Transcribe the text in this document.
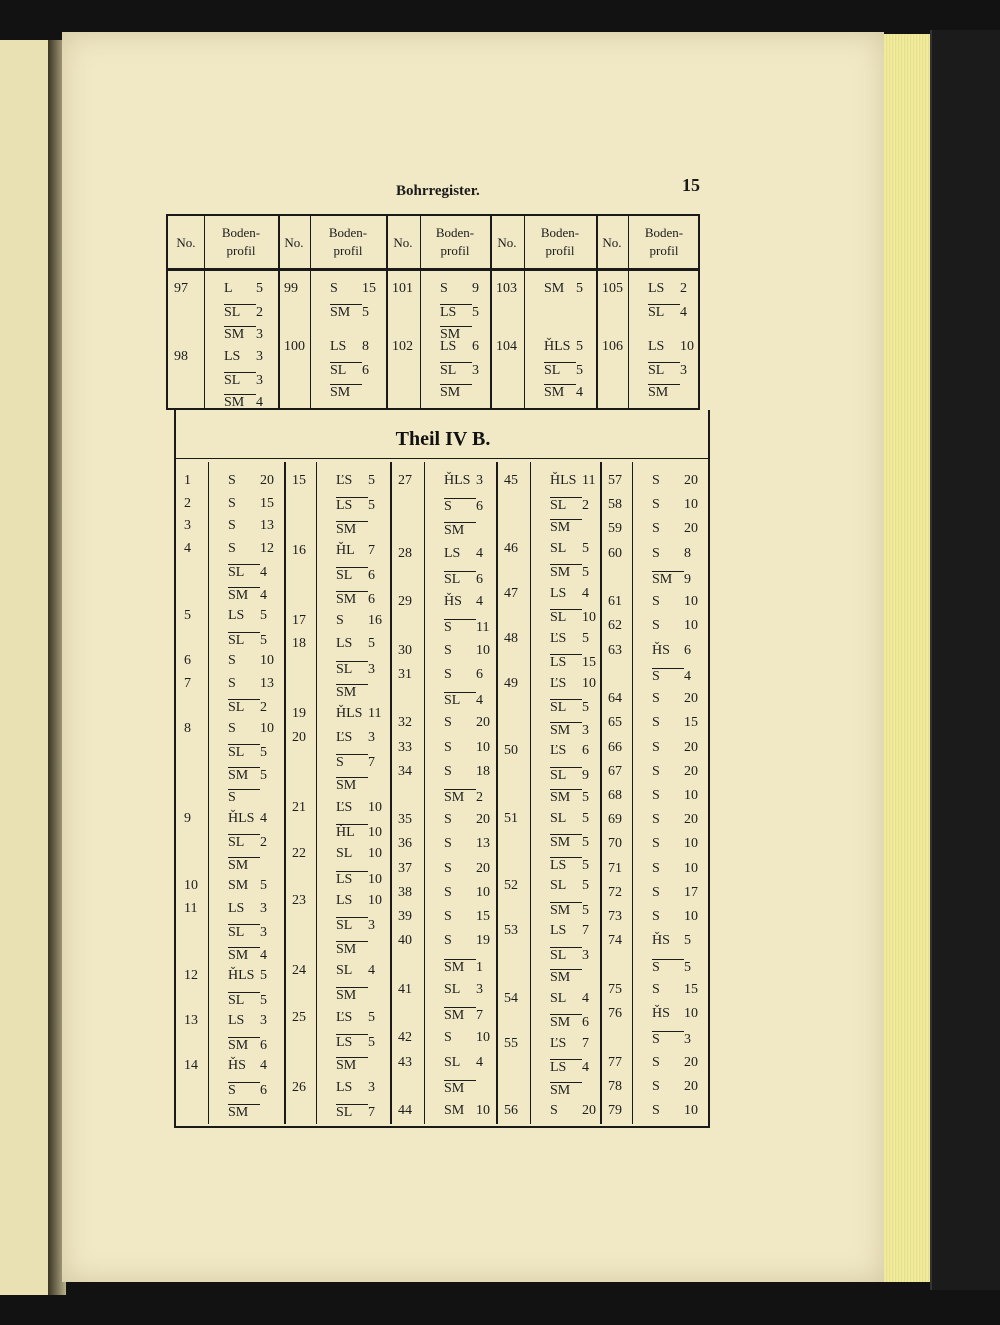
Bohrregister.	15
No.
Boden-
profil
97	L 5
SL 2
SM 3
98	LS 3
SL 3
SM 4
No.
Boden-
profil
99 S 15
SM 5
100 LS 8
SL 6
SM
No.
Boden-
profil
101 S 9
LS 5
SM
102 LS 6
SL 3
SM
No.
Boden-
profil
103 SM 5
104 ȞLS 5
SL 5
SM 4
No.
Boden-
profil
105 LS 2
SL 4
106 LS 10
SL 3
SM
Theil IV B.
1	S 20
2	S 15
3	S 13
4	S 12
SL 4
SM 4
5	LS 5
SL 5
6	S 10
7	S 13
SL 2
8	S 10
SL 5
SM 5
S
9	ȞLS 4
SL 2
SM
10 SM 5
11 LS 3
SL 3
SM 4
12 ȞLS 5
SL 5
13 LS 3
SM 6
14 ȞS 4
S 6
SM
15 ĽS 5
LS 5
SM
16 ȞL 7
SL 6
SM 6
17 S 16
18 LS 5
SL 3
SM
19 ȞLS 11
20 ĽS 3
S 7
SM
21 ĽS 10
ȞL 10
22 SL 10
LS 10
23 LS 10
SL 3
SM
24 SL 4
SM
25 ĽS 5
LS 5
SM
26 LS 3
SL 7
27 ȞLS 3
S 6
SM
28 LS 4
SL 6
29 ȞS 4
S 11
30 S 10
31 S 6
SL 4
32 S 20
33 S 10
34 S 18
SM 2
35 S 20
36 S 13
37 S 20
38 S 10
39 S 15
40 S 19
SM 1
41 SL 3
SM 7
42 S 10
43 SL 4
SM
44 SM 10
45 ȞLS 11
SL 2
SM
46 SL 5
SM 5
47 LS 4
SL 10
48 ĽS 5
LS 15
49 ĽS 10
SL 5
SM 3
50 ĽS 6
SL 9
SM 5
51 SL 5
SM 5
LS 5
52 SL 5
SM 5
53 LS 7
SL 3
SM
54 SL 4
SM 6
55 ĽS 7
LS 4
SM
56 S 20
57 S 20
58 S 10
59 S 20
60 S 8
SM 9
61 S 10
62 S 10
63 ȞS 6
S 4
64 S 20
65 S 15
66 S 20
67 S 20
68 S 10
69 S 20
70 S 10
71 S 10
72 S 17
73 S 10
74 ȞS 5
S 5
75 S 15
76 ȞS 10
S 3
77 S 20
78 S 20
79 S 10
